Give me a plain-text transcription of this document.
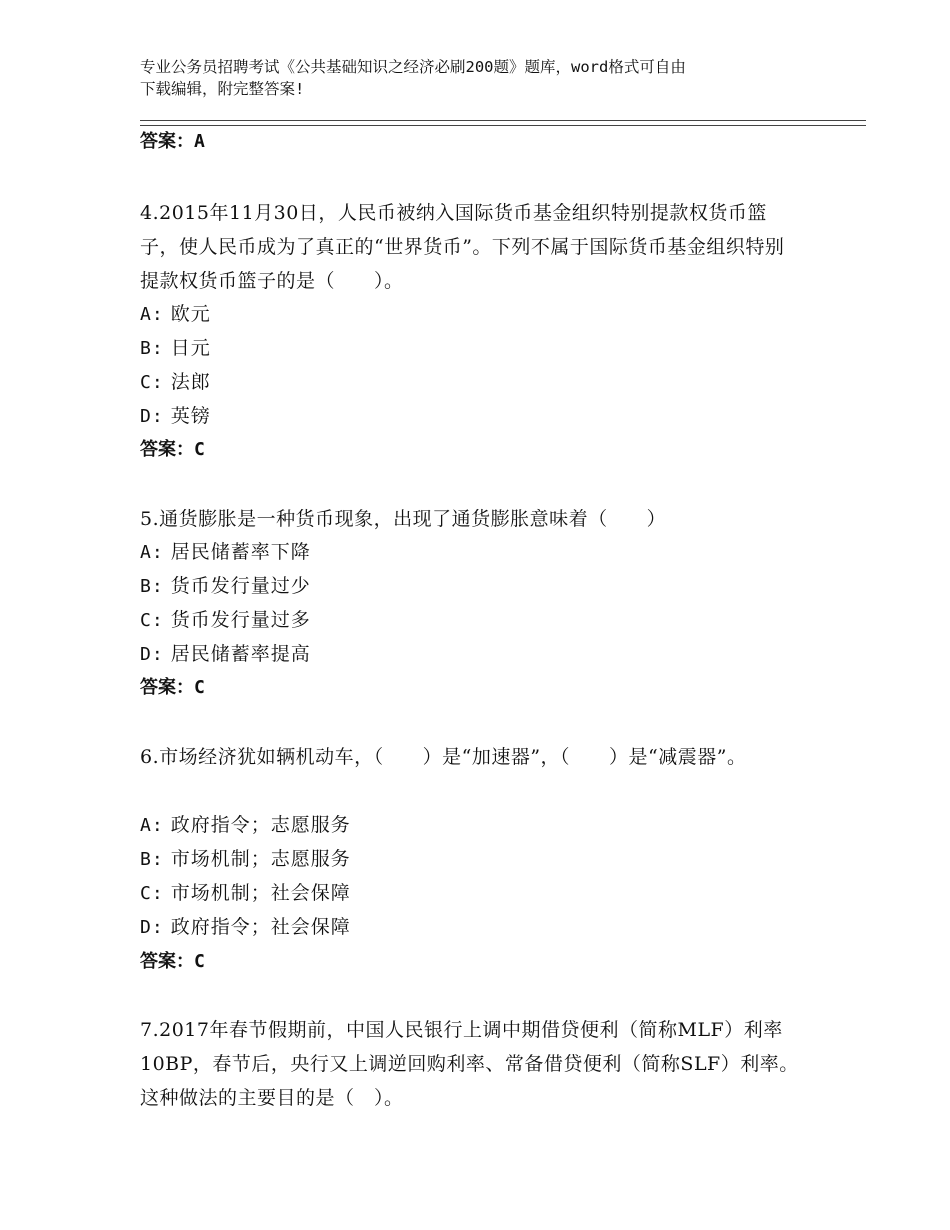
专业公务员招聘考试《公共基础知识之经济必刷200题》题库，word格式可自由
下载编辑，附完整答案!
答案：A
4.2015年11月30日，人民币被纳入国际货币基金组织特别提款权货币篮子，使人民币成为了真正的“世界货币”。下列不属于国际货币基金组织特别提款权货币篮子的是（　　）。
A: 欧元
B: 日元
C: 法郎
D: 英镑
答案：C
5.通货膨胀是一种货币现象，出现了通货膨胀意味着（　　）
A: 居民储蓄率下降
B: 货币发行量过少
C: 货币发行量过多
D: 居民储蓄率提高
答案：C
6.市场经济犹如辆机动车，（　　）是“加速器”，（　　）是“减震器”。
A: 政府指令；志愿服务
B: 市场机制；志愿服务
C: 市场机制；社会保障
D: 政府指令；社会保障
答案：C
7.2017年春节假期前，中国人民银行上调中期借贷便利（简称MLF）利率10BP，春节后，央行又上调逆回购利率、常备借贷便利（简称SLF）利率。这种做法的主要目的是（　）。
